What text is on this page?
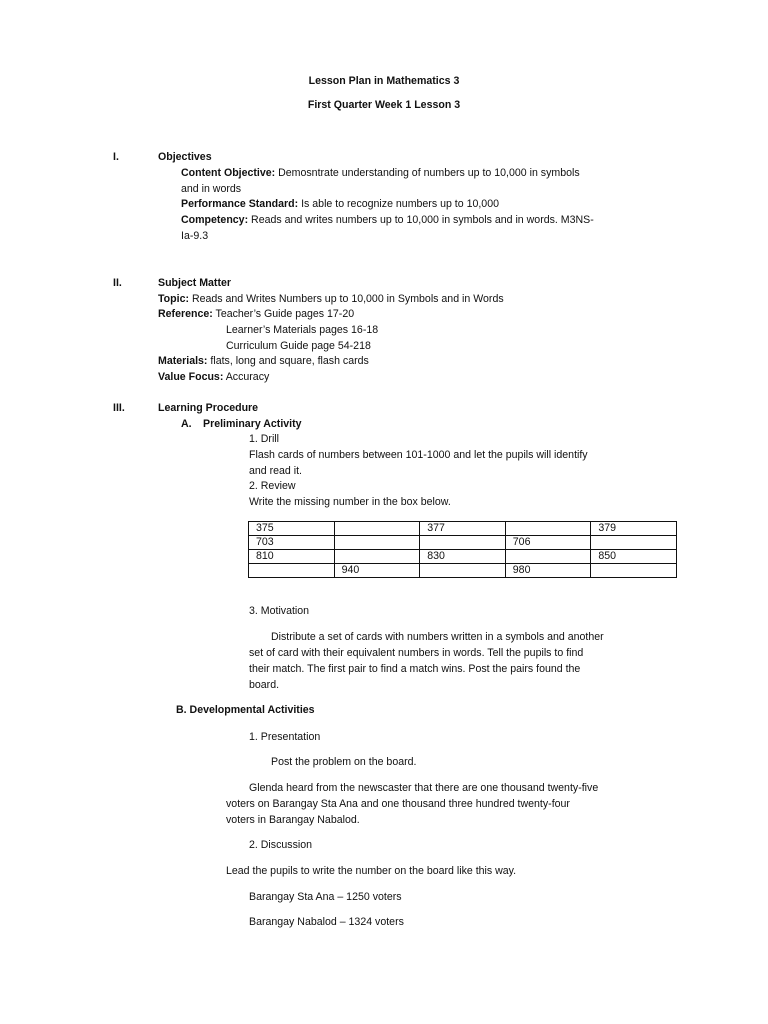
Lesson Plan in Mathematics 3
First Quarter Week 1 Lesson 3
I.	Objectives
Content Objective: Demosntrate understanding of numbers up to 10,000 in symbols
and in words
Performance Standard: Is able to recognize numbers up to 10,000
Competency: Reads and writes numbers up to 10,000 in symbols and in words. M3NS-
Ia-9.3
II.	Subject Matter
Topic: Reads and Writes Numbers up to 10,000 in Symbols and in Words
Reference: Teacher’s Guide pages 17-20
Learner’s Materials pages 16-18
Curriculum Guide page 54-218
Materials: flats, long and square, flash cards
Value Focus: Accuracy
III.	Learning Procedure
A. Preliminary Activity
1. Drill
Flash cards of numbers between 101-1000 and let the pupils will identify
and read it.
2. Review
Write the missing number in the box below.
375		377		379
703			706	
810		830		850
	940		980	
3. Motivation
Distribute a set of cards with numbers written in a symbols and another
set of card with their equivalent numbers in words. Tell the pupils to find
their match. The first pair to find a match wins. Post the pairs found the
board.
B. Developmental Activities
1. Presentation
Post the problem on the board.
Glenda heard from the newscaster that there are one thousand twenty-five
voters on Barangay Sta Ana and one thousand three hundred twenty-four
voters in Barangay Nabalod.
2. Discussion
Lead the pupils to write the number on the board like this way.
Barangay Sta Ana – 1250 voters
Barangay Nabalod – 1324 voters
